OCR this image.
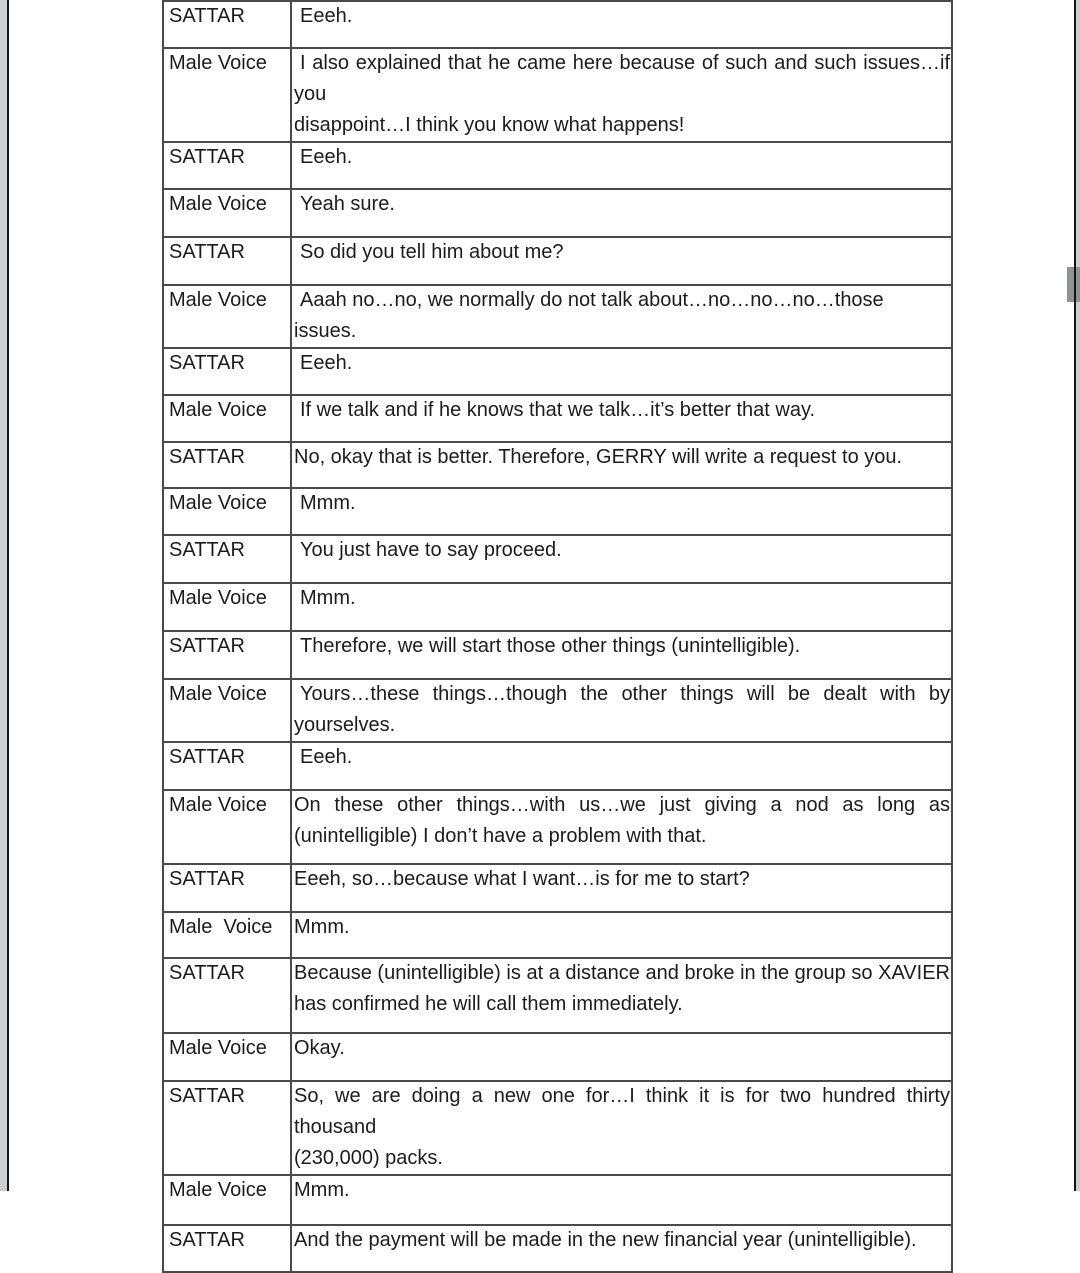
SATTAR	Eeeh.

Male Voice	I also explained that he came here because of such and such issues…if you
disappoint…I think you know what happens!

SATTAR	Eeeh.

Male Voice	Yeah sure.

SATTAR	So did you tell him about me?

Male Voice	Aaah no…no, we normally do not talk about…no…no…no…those issues.

SATTAR	Eeeh.

Male Voice	If we talk and if he knows that we talk…it’s better that way.

SATTAR	No, okay that is better. Therefore, GERRY will write a request to you.

Male Voice	Mmm.

SATTAR	You just have to say proceed.

Male Voice	Mmm.

SATTAR	Therefore, we will start those other things (unintelligible).

Male Voice	Yours…these things…though the other things will be dealt with by
yourselves.

SATTAR	Eeeh.

Male Voice	On these other things…with us…we just giving a nod as long as
(unintelligible) I don’t have a problem with that.

SATTAR	Eeeh, so…because what I want…is for me to start?

Male  Voice	Mmm.

SATTAR	Because (unintelligible) is at a distance and broke in the group so XAVIER
has confirmed he will call them immediately.

Male Voice	Okay.

SATTAR	So, we are doing a new one for…I think it is for two hundred thirty thousand
(230,000) packs.

Male Voice	Mmm.

SATTAR	And the payment will be made in the new financial year (unintelligible).
